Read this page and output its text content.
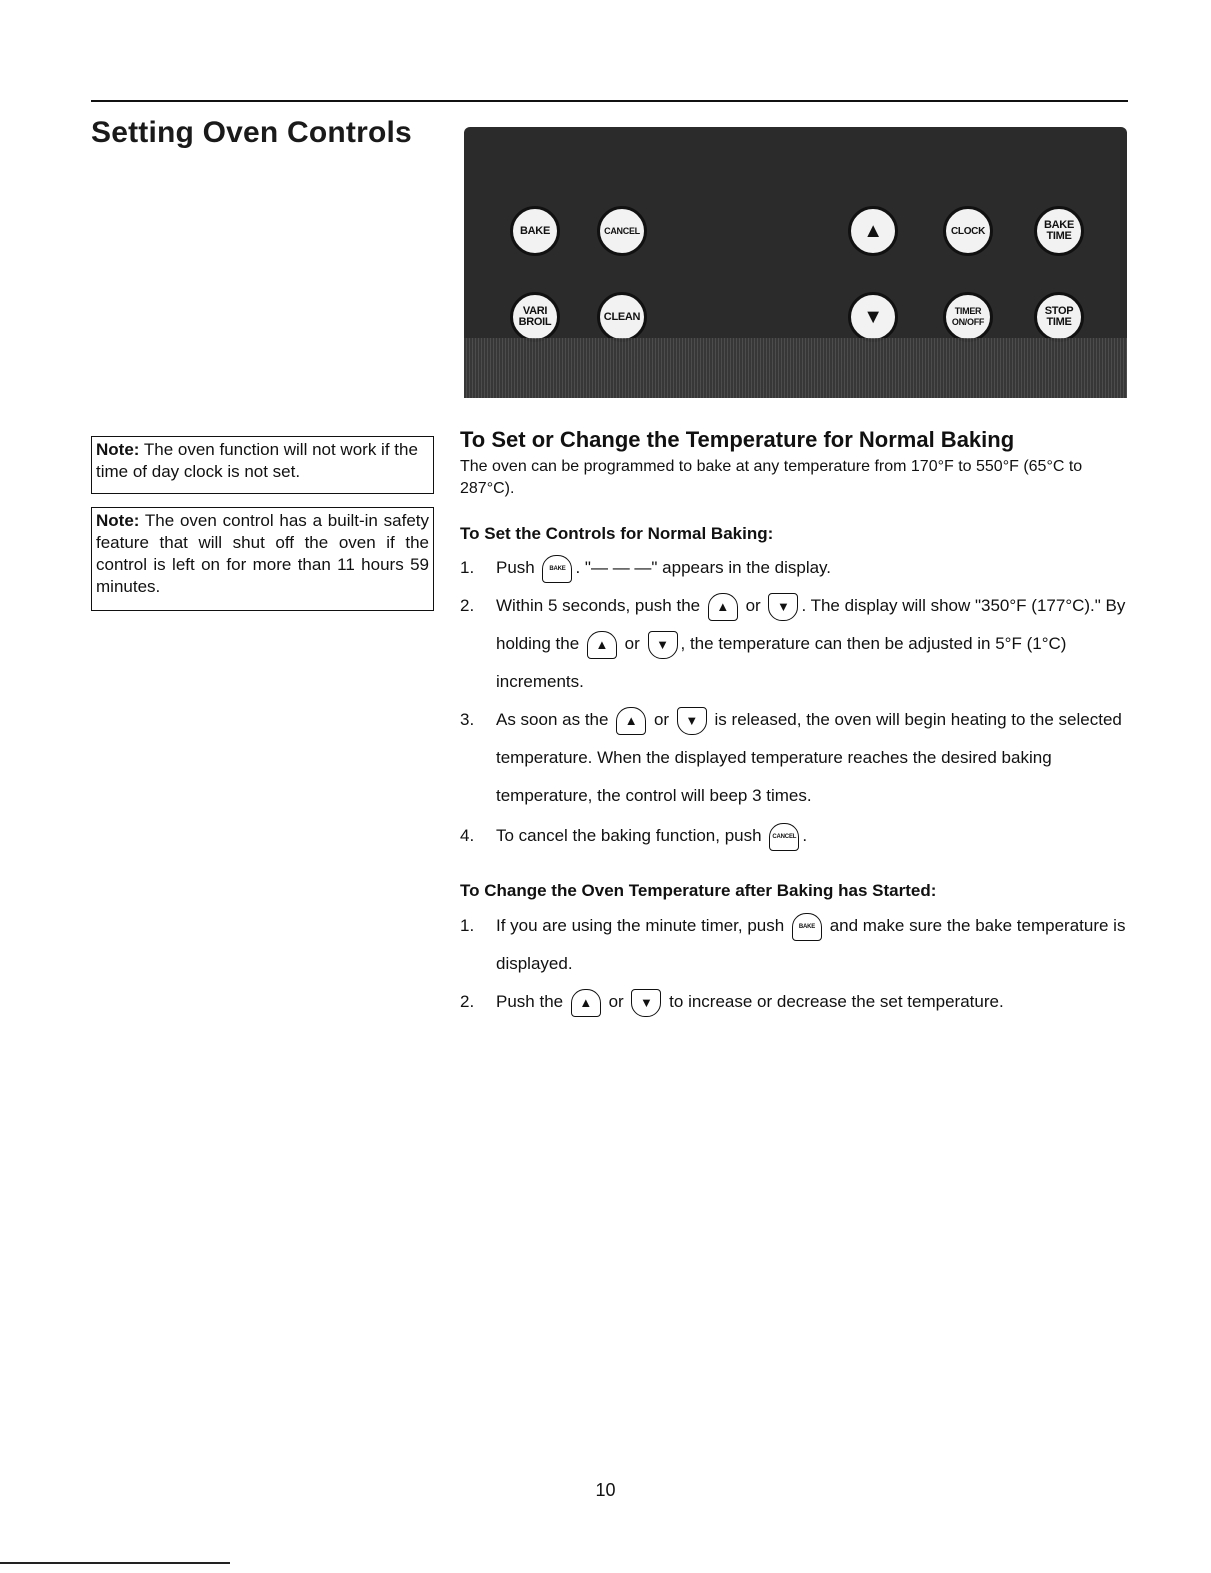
Setting Oven Controls
BAKE	CANCEL	▲	CLOCK	BAKE
TIME
VARI
BROIL	CLEAN	▼	TIMER
ON/OFF
STOP
TIME
Note: The oven function will not work if the time of day clock is not set.
Note: The oven control has a built-in safety feature that will shut off the oven if the control is left on for more than 11 hours 59 minutes.
To Set or Change the Temperature for Normal Baking
The oven can be programmed to bake at any temperature from 170°F to 550°F (65°C to 287°C).
To Set the Controls for Normal Baking:
1.	Push BAKE . "— — —" appears in the display.
2.	Within 5 seconds, push the ▲ or ▼ . The display will show "350°F (177°C)." By holding the ▲ or ▼ , the temperature can then be adjusted in 5°F (1°C) increments.
3.	As soon as the ▲ or ▼ is released, the oven will begin heating to the selected temperature. When the displayed temperature reaches the desired baking temperature, the control will beep 3 times.
4.	To cancel the baking function, push CANCEL .
To Change the Oven Temperature after Baking has Started:
1.	If you are using the minute timer, push BAKE and make sure the bake temperature is displayed.
2.	Push the ▲ or ▼ to increase or decrease the set temperature.
10
